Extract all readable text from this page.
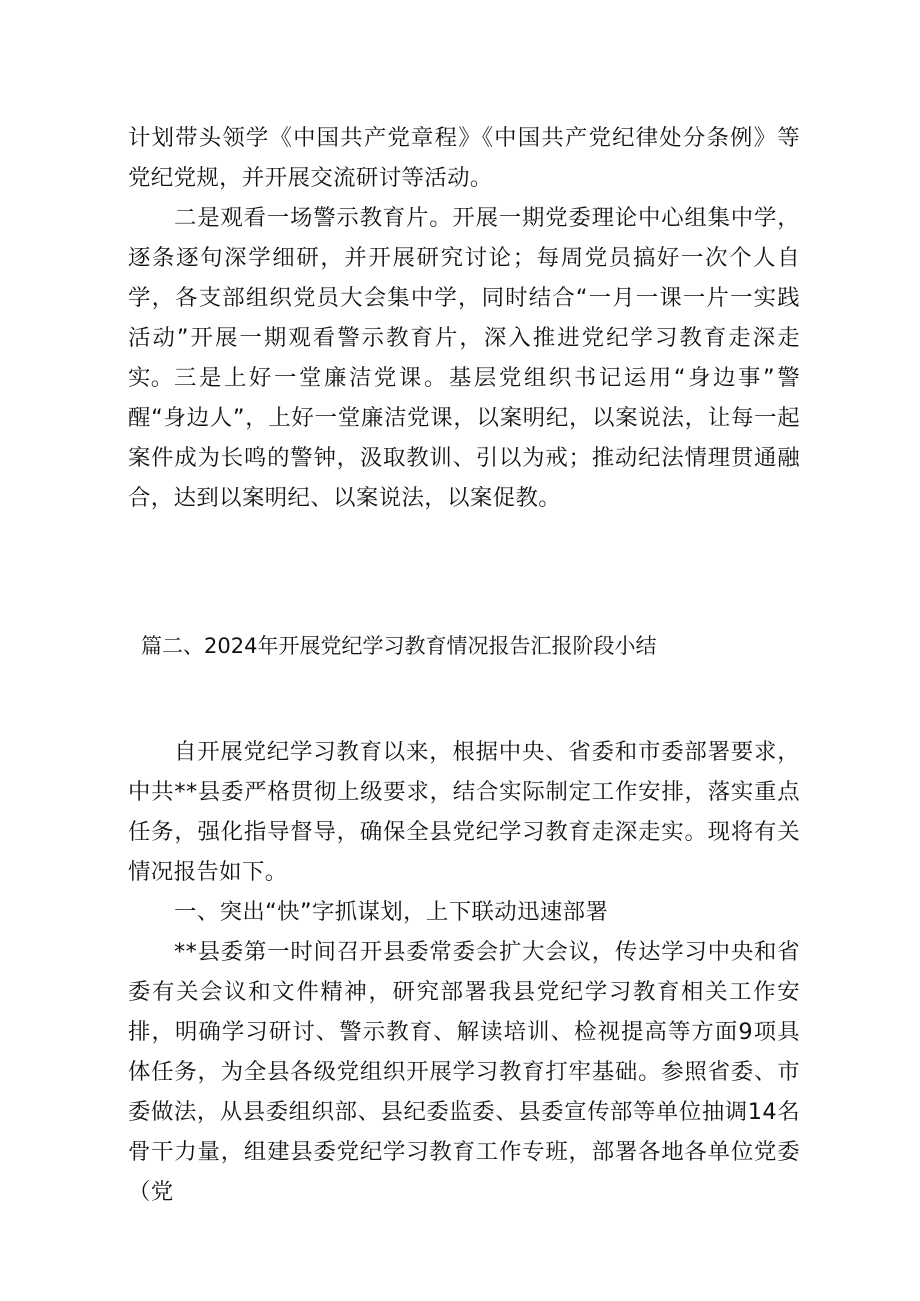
计划带头领学《中国共产党章程》《中国共产党纪律处分条例》等党纪党规，并开展交流研讨等活动。

二是观看一场警示教育片。开展一期党委理论中心组集中学，逐条逐句深学细研，并开展研究讨论；每周党员搞好一次个人自学，各支部组织党员大会集中学，同时结合“一月一课一片一实践活动”开展一期观看警示教育片，深入推进党纪学习教育走深走实。 三是上好一堂廉洁党课。基层党组织书记运用“身边事”警醒“身边人”，上好一堂廉洁党课，以案明纪，以案说法，让每一起案件成为长鸣的警钟，汲取教训、引以为戒；推动纪法情理贯通融合，达到以案明纪、以案说法，以案促教。

篇二、2024年开展党纪学习教育情况报告汇报阶段小结

自开展党纪学习教育以来，根据中央、省委和市委部署要求，中共**县委严格贯彻上级要求，结合实际制定工作安排，落实重点任务，强化指导督导，确保全县党纪学习教育走深走实。现将有关情况报告如下。

一、突出“快”字抓谋划，上下联动迅速部署

**县委第一时间召开县委常委会扩大会议，传达学习中央和省委有关会议和文件精神，研究部署我县党纪学习教育相关工作安排，明确学习研讨、警示教育、解读培训、检视提高等方面9项具体任务，为全县各级党组织开展学习教育打牢基础。参照省委、市委做法，从县委组织部、县纪委监委、县委宣传部等单位抽调14名骨干力量，组建县委党纪学习教育工作专班，部署各地各单位党委（党
